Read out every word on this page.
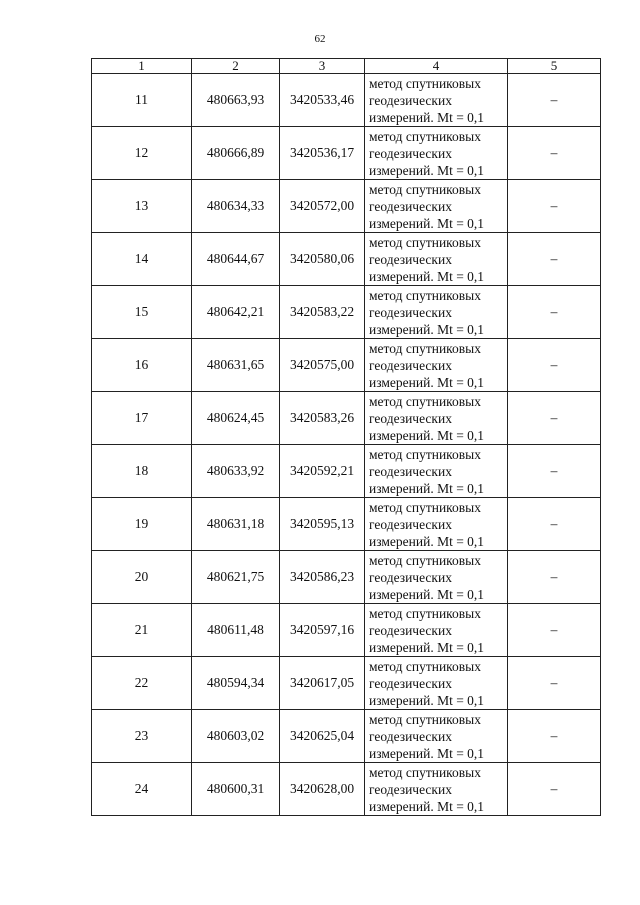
62
1	2	3	4	5
11	480663,93	3420533,46	метод спутниковых
геодезических
измерений. Mt = 0,1	–
12	480666,89	3420536,17	метод спутниковых
геодезических
измерений. Mt = 0,1	–
13	480634,33	3420572,00	метод спутниковых
геодезических
измерений. Mt = 0,1	–
14	480644,67	3420580,06	метод спутниковых
геодезических
измерений. Mt = 0,1	–
15	480642,21	3420583,22	метод спутниковых
геодезических
измерений. Mt = 0,1	–
16	480631,65	3420575,00	метод спутниковых
геодезических
измерений. Mt = 0,1	–
17	480624,45	3420583,26	метод спутниковых
геодезических
измерений. Mt = 0,1	–
18	480633,92	3420592,21	метод спутниковых
геодезических
измерений. Mt = 0,1	–
19	480631,18	3420595,13	метод спутниковых
геодезических
измерений. Mt = 0,1	–
20	480621,75	3420586,23	метод спутниковых
геодезических
измерений. Mt = 0,1	–
21	480611,48	3420597,16	метод спутниковых
геодезических
измерений. Mt = 0,1	–
22	480594,34	3420617,05	метод спутниковых
геодезических
измерений. Mt = 0,1	–
23	480603,02	3420625,04	метод спутниковых
геодезических
измерений. Mt = 0,1	–
24	480600,31	3420628,00	метод спутниковых
геодезических
измерений. Mt = 0,1	–
